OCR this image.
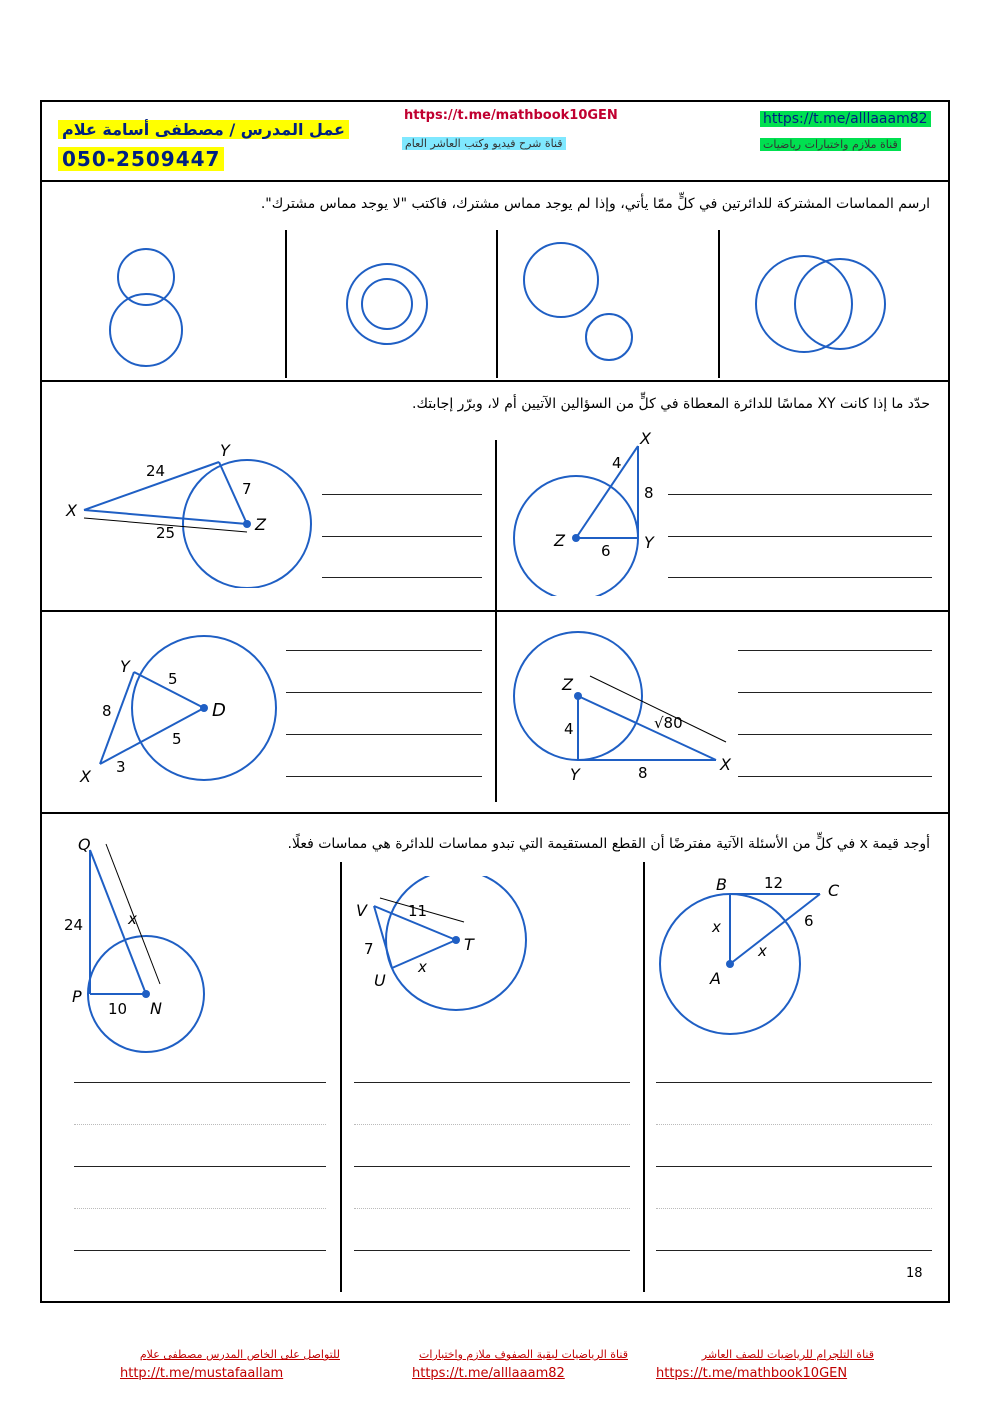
عمل المدرس / مصطفى أسامة علام
050-2509447
https://t.me/mathbook10GEN
قناة شرح فيديو وكتب العاشر العام
https://t.me/alllaaam82
قناة ملازم واختبارات رياضيات
ارسم المماسات المشتركة للدائرتين في كلٍّ ممّا يأتي، وإذا لم يوجد مماس مشترك، فاكتب "لا يوجد مماس مشترك".
حدّد ما إذا كانت XY مماسًا للدائرة المعطاة في كلٍّ من السؤالين الآتيين أم لا، وبرّر إجابتك.
X
Y
Z
24
7
25
X
Y
Z
4
8
6
Y
X
D
5
5
8
3
Z
Y
X
4
8
√80
أوجد قيمة x في كلٍّ من الأسئلة الآتية مفترضًا أن القطع المستقيمة التي تبدو مماسات للدائرة هي مماسات فعلًا.
Q
P
N
24
10
x	V
T
U
11
7
x
B	C
A
12
6
x
x
18
للتواصل على الخاص المدرس مصطفى علام
http://t.me/mustafaallam
قناة الرياضيات لبقية الصفوف ملازم واختبارات
https://t.me/alllaaam82
قناة التلجرام للرياضيات للصف العاشر
https://t.me/mathbook10GEN
